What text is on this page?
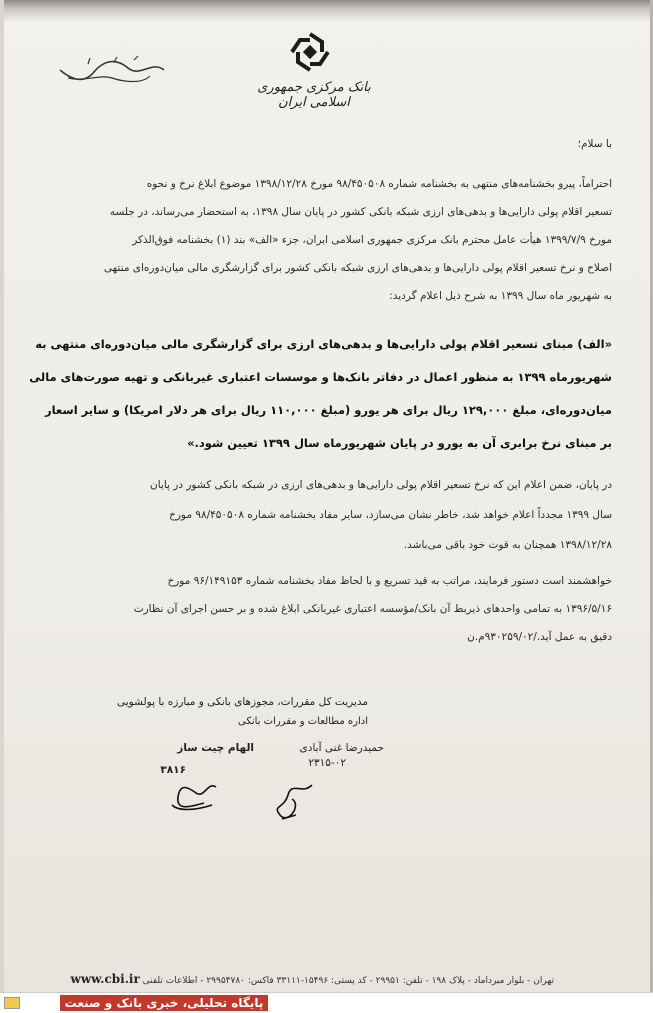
بانک مرکزی جمهوری اسلامی ایران
با سلام؛
احتراماً، پیرو بخشنامه‌های منتهی به بخشنامه شماره ۹۸/۴۵۰۵۰۸ مورخ ۱۳۹۸/۱۲/۲۸ موضوع ابلاغ نرخ و نحوه
تسعیر اقلام پولی دارایی‌ها و بدهی‌های ارزی شبکه بانکی کشور در پایان سال ۱۳۹۸، به استحضار می‌رساند، در جلسه
مورخ ۱۳۹۹/۷/۹ هیأت عامل محترم بانک مرکزی جمهوری اسلامی ایران، جزء «الف» بند (۱) بخشنامه فوق‌الذکر
اصلاح و نرخ تسعیر اقلام پولی دارایی‌ها و بدهی‌های ارزی شبکه بانکی کشور برای گزارشگری مالی میان‌دوره‌ای منتهی
به شهریور ماه سال ۱۳۹۹ به شرح ذیل اعلام گردید:
«الف) مبنای تسعیر اقلام پولی دارایی‌ها و بدهی‌های ارزی برای گزارشگری مالی میان‌دوره‌ای منتهی به
شهریورماه ۱۳۹۹ به منظور اعمال در دفاتر بانک‌ها و موسسات اعتباری غیربانکی و تهیه صورت‌های مالی
میان‌دوره‌ای، مبلغ ۱۲۹,۰۰۰ ریال برای هر یورو (مبلغ ۱۱۰,۰۰۰ ریال برای هر دلار امریکا) و سایر اسعار
بر مبنای نرخ برابری آن به یورو در پایان شهریورماه سال ۱۳۹۹ تعیین شود.»
در پایان، ضمن اعلام این که نرخ تسعیر اقلام پولی دارایی‌ها و بدهی‌های ارزی در شبکه بانکی کشور در پایان
سال ۱۳۹۹ مجدداً اعلام خواهد شد، خاطر نشان می‌سازد، سایر مفاد بخشنامه شماره ۹۸/۴۵۰۵۰۸ مورخ
۱۳۹۸/۱۲/۲۸ همچنان به قوت خود باقی می‌باشد.
خواهشمند است دستور فرمایند، مراتب به قید تسریع و با لحاظ مفاد بخشنامه شماره ۹۶/۱۴۹۱۵۳ مورخ
۱۳۹۶/۵/۱۶ به تمامی واحدهای ذیربط آن بانک/مؤسسه اعتباری غیربانکی ابلاغ شده و بر حسن اجرای آن نظارت
دقیق به عمل آید./۹۳۰۲۵۹/۰۲م.ن
مدیریت کل مقررات، مجوزهای بانکی و مبارزه با پولشویی
اداره مطالعات و مقررات بانکی
حمیدرضا غنی آبادی
الهام چیت ساز
۲۳۱۵-۰۲
۳۸۱۶
تهران - بلوار میرداماد - پلاک ۱۹۸ - تلفن: ۲۹۹۵۱ - کد پستی: ۱۵۴۹۶-۳۳۱۱۱ فاکس: ۲۹۹۵۴۷۸۰ - اطلاعات تلفنی www.cbi.ir
پایگاه تحلیلی، خبری بانک و صنعت
